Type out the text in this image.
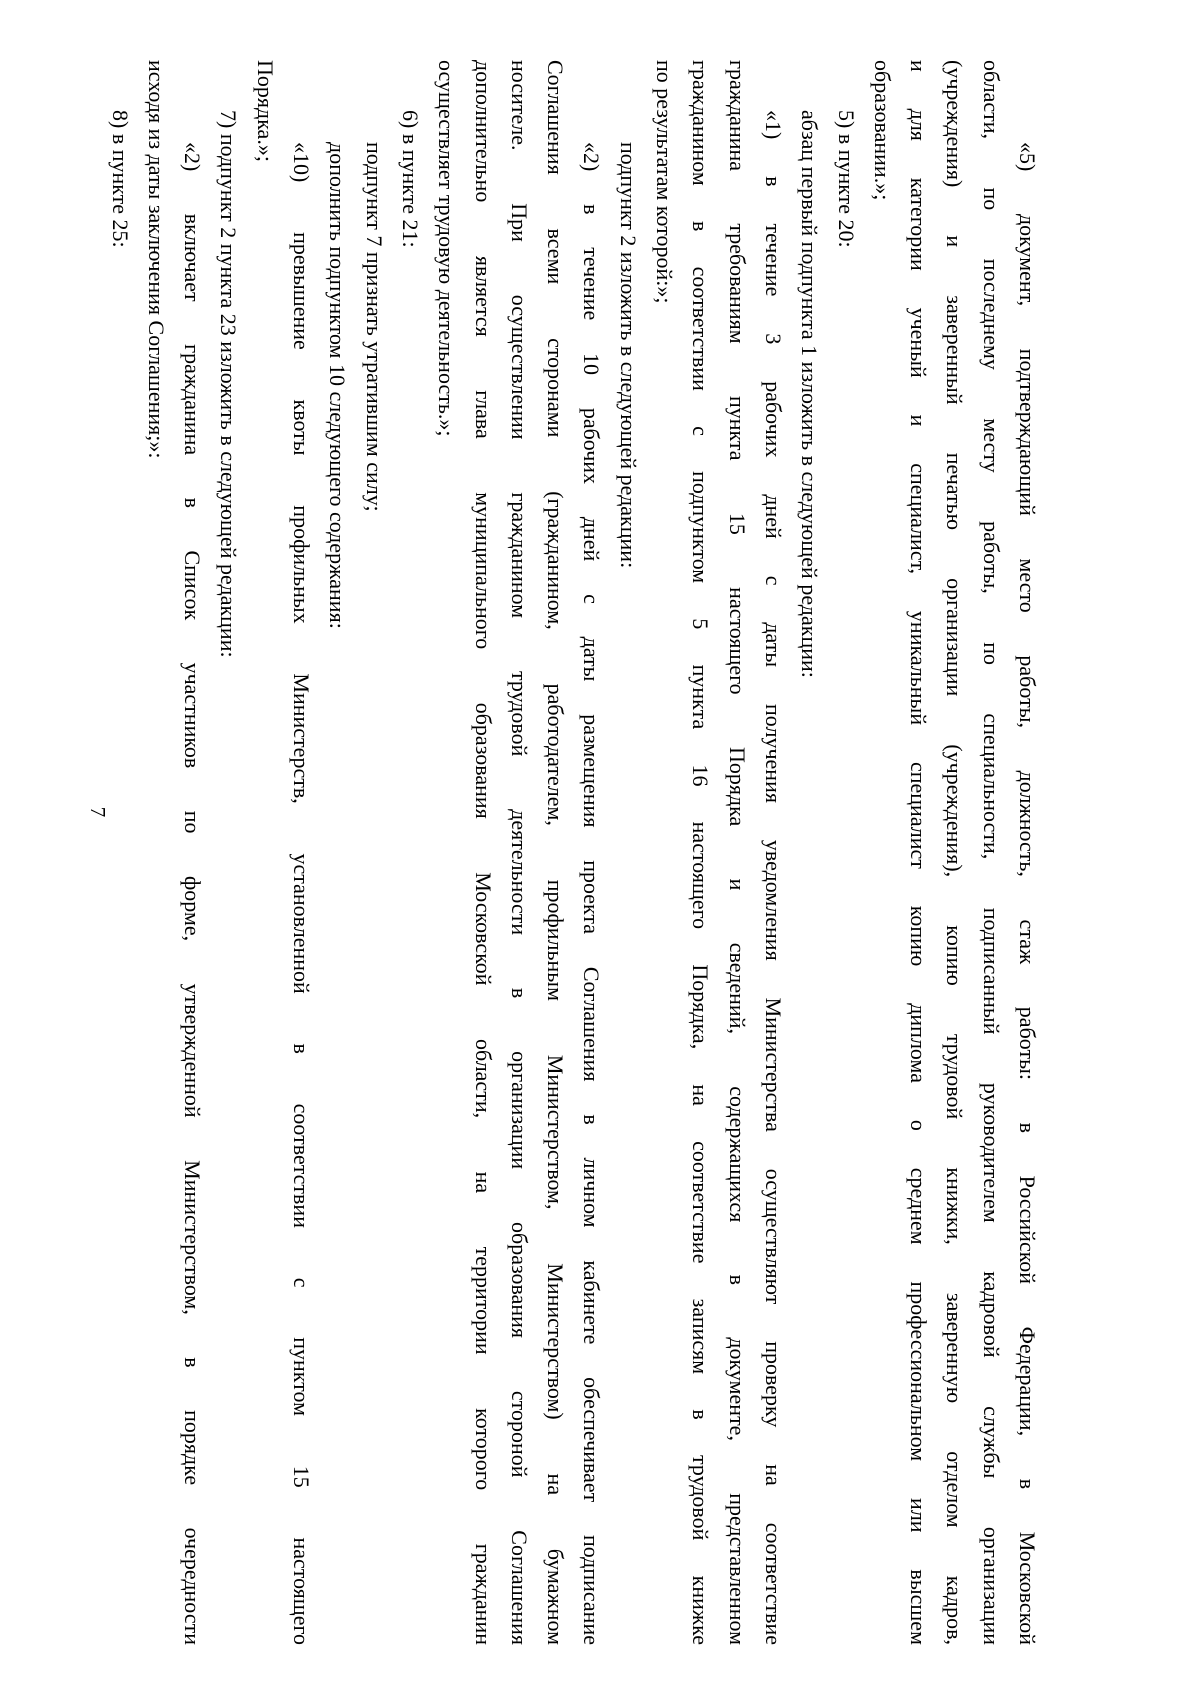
7	«5) документ, подтверждающий место работы, должность, стаж работы: в Российской Федерации, в Московской
области, по последнему месту работы, по специальности, подписанный руководителем кадровой службы организации
(учреждения) и заверенный печатью организации (учреждения), копию трудовой книжки, заверенную отделом кадров,
и для категории ученый и специалист, уникальный специалист копию диплома о среднем профессиональном или высшем
образовании.»;
5) в пункте 20:
абзац первый подпункта 1 изложить в следующей редакции:
«1) в течение 3 рабочих дней с даты получения уведомления Министерства осуществляют проверку на соответствие
гражданина требованиям пункта 15 настоящего Порядка и сведений, содержащихся в документе, представленном
гражданином в соответствии с подпунктом 5 пункта 16 настоящего Порядка, на соответствие записям в трудовой книжке
по результатам которой:»;
подпункт 2 изложить в следующей редакции:
«2) в течение 10 рабочих дней с даты размещения проекта Соглашения в личном кабинете обеспечивает подписание
Соглашения всеми сторонами (гражданином, работодателем, профильным Министерством, Министерством) на бумажном
носителе. При осуществлении гражданином трудовой деятельности в организации образования стороной Соглашения
дополнительно является глава муниципального образования Московской области, на территории которого гражданин
осуществляет трудовую деятельность.»;
6) в пункте 21:
подпункт 7 признать утратившим силу;
дополнить подпунктом 10 следующего содержания:
«10) превышение квоты профильных Министерств, установленной в соответствии с пунктом 15 настоящего
Порядка.»;
7) подпункт 2 пункта 23 изложить в следующей редакции:
«2) включает гражданина в Список участников по форме, утвержденной Министерством, в порядке очередности
исходя из даты заключения Соглашения;»:
8) в пункте 25:
